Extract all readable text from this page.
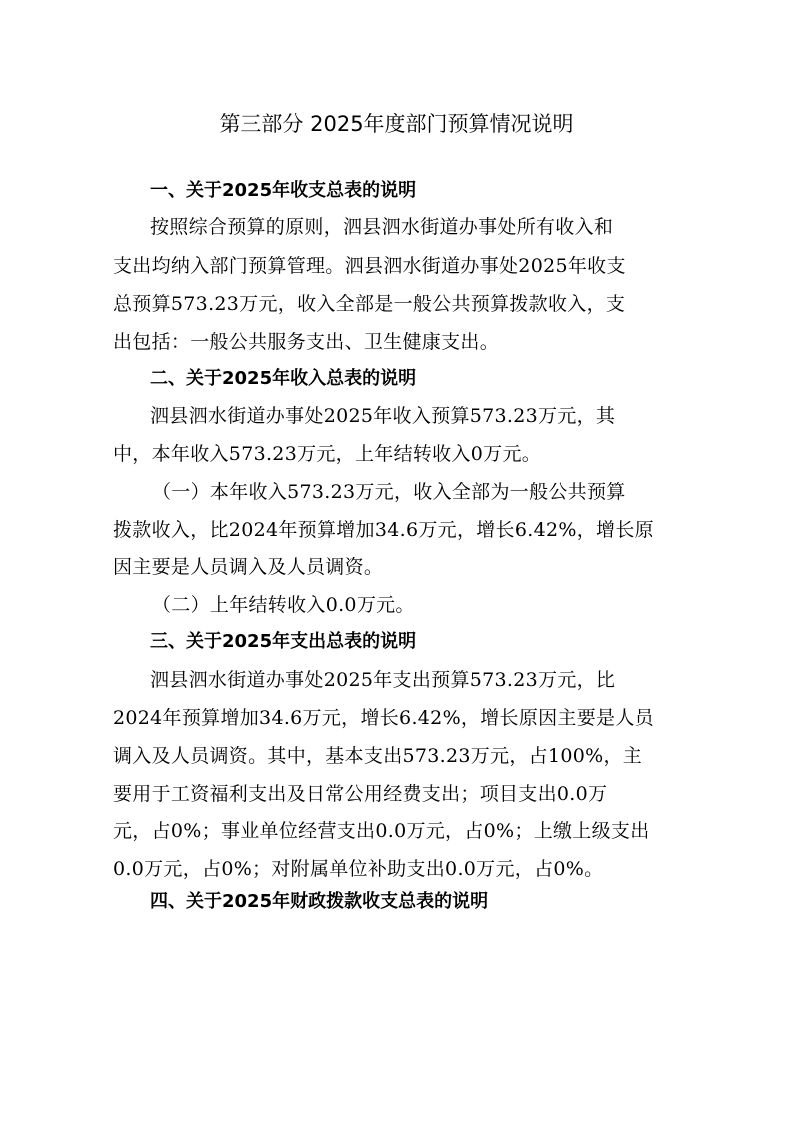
第三部分 2025年度部门预算情况说明
一、关于2025年收支总表的说明
按照综合预算的原则，泗县泗水街道办事处所有收入和
支出均纳入部门预算管理。泗县泗水街道办事处2025年收支
总预算573.23万元，收入全部是一般公共预算拨款收入，支
出包括：一般公共服务支出、卫生健康支出。
二、关于2025年收入总表的说明
泗县泗水街道办事处2025年收入预算573.23万元，其
中，本年收入573.23万元，上年结转收入0万元。
（一）本年收入573.23万元，收入全部为一般公共预算
拨款收入，比2024年预算增加34.6万元，增长6.42%，增长原
因主要是人员调入及人员调资。
（二）上年结转收入0.0万元。
三、关于2025年支出总表的说明
泗县泗水街道办事处2025年支出预算573.23万元，比
2024年预算增加34.6万元，增长6.42%，增长原因主要是人员
调入及人员调资。其中，基本支出573.23万元，占100%，主
要用于工资福利支出及日常公用经费支出；项目支出0.0万
元，占0%；事业单位经营支出0.0万元，占0%；上缴上级支出
0.0万元，占0%；对附属单位补助支出0.0万元，占0%。
四、关于2025年财政拨款收支总表的说明
